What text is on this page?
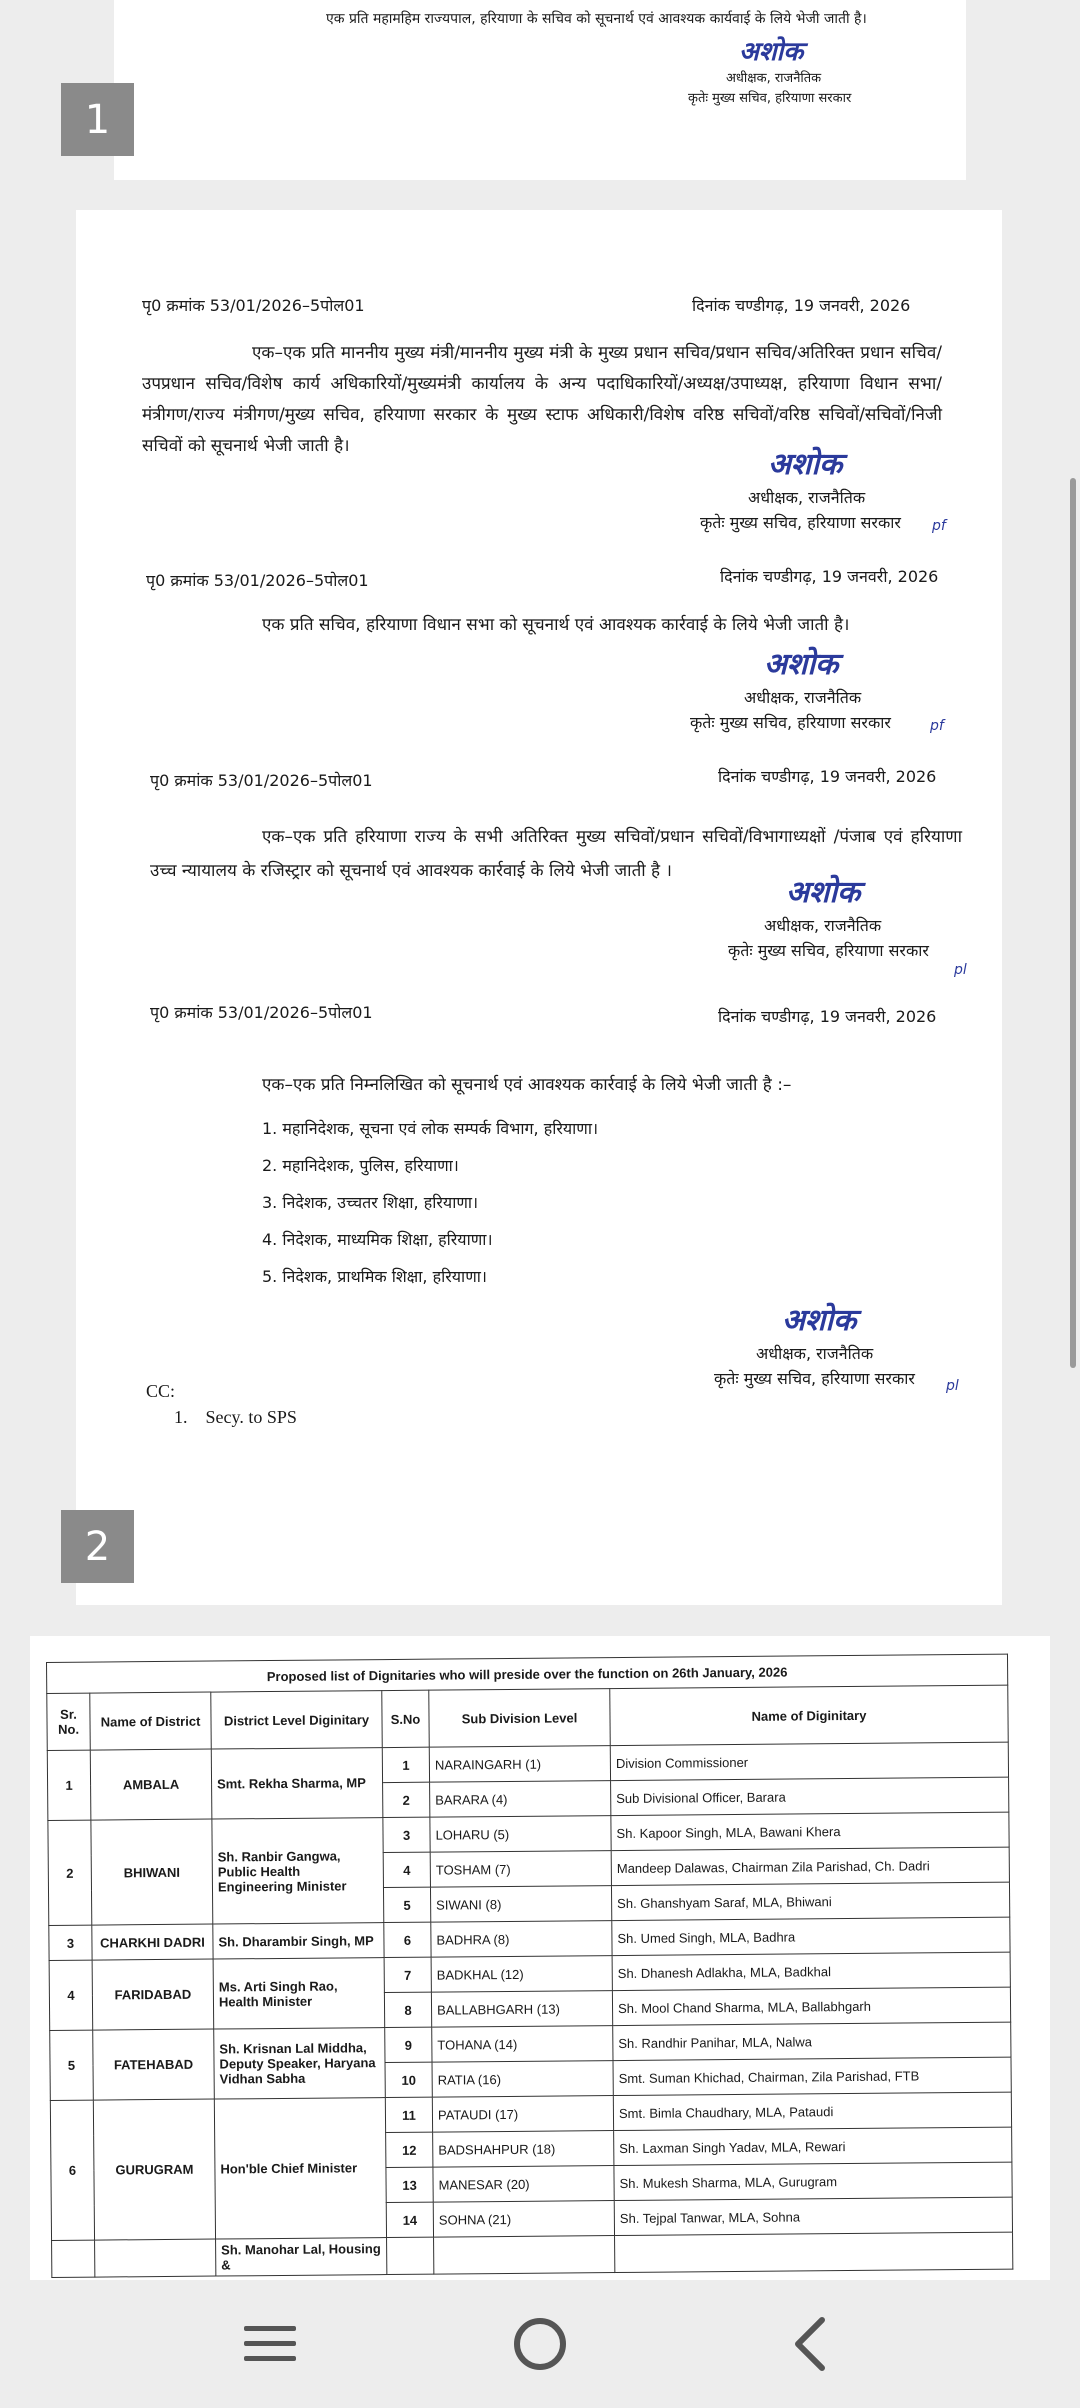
एक प्रति महामहिम राज्यपाल, हरियाणा के सचिव को सूचनार्थ एवं आवश्यक कार्यवाई के लिये भेजी जाती है।
अशोक
अधीक्षक, राजनैतिक
कृतेः मुख्य सचिव, हरियाणा सरकार
1
पृ0 क्रमांक 53/01/2026–5पोल01	दिनांक चण्डीगढ़, 19 जनवरी, 2026
एक–एक प्रति माननीय मुख्य मंत्री/माननीय मुख्य मंत्री के मुख्य प्रधान सचिव/प्रधान सचिव/अतिरिक्त प्रधान सचिव/उपप्रधान सचिव/विशेष कार्य अधिकारियों/मुख्यमंत्री कार्यालय के अन्य पदाधिकारियों/अध्यक्ष/उपाध्यक्ष, हरियाणा विधान सभा/मंत्रीगण/राज्य मंत्रीगण/मुख्य सचिव, हरियाणा सरकार के मुख्य स्टाफ अधिकारी/विशेष वरिष्ठ सचिवों/वरिष्ठ सचिवों/सचिवों/निजी सचिवों को सूचनार्थ भेजी जाती है।
अशोक
अधीक्षक, राजनैतिक
कृतेः मुख्य सचिव, हरियाणा सरकार pf
पृ0 क्रमांक 53/01/2026–5पोल01	दिनांक चण्डीगढ़, 19 जनवरी, 2026
एक प्रति सचिव, हरियाणा विधान सभा को सूचनार्थ एवं आवश्यक कार्रवाई के लिये भेजी जाती है।
अशोक
अधीक्षक, राजनैतिक
कृतेः मुख्य सचिव, हरियाणा सरकार	pf
पृ0 क्रमांक 53/01/2026–5पोल01	दिनांक चण्डीगढ़, 19 जनवरी, 2026
एक–एक प्रति हरियाणा राज्य के सभी अतिरिक्त मुख्य सचिवों/प्रधान सचिवों/विभागाध्यक्षों /पंजाब एवं हरियाणा उच्च न्यायालय के रजिस्ट्रार को सूचनार्थ एवं आवश्यक कार्रवाई के लिये भेजी जाती है ।
अशोक
अधीक्षक, राजनैतिक
कृतेः मुख्य सचिव, हरियाणा सरकार
pl
पृ0 क्रमांक 53/01/2026–5पोल01	दिनांक चण्डीगढ़, 19 जनवरी, 2026
एक–एक प्रति निम्नलिखित को सूचनार्थ एवं आवश्यक कार्रवाई के लिये भेजी जाती है :–
1. महानिदेशक, सूचना एवं लोक सम्पर्क विभाग, हरियाणा।
2. महानिदेशक, पुलिस, हरियाणा।
3. निदेशक, उच्चतर शिक्षा, हरियाणा।
4. निदेशक, माध्यमिक शिक्षा, हरियाणा।
5. निदेशक, प्राथमिक शिक्षा, हरियाणा।
अशोक
अधीक्षक, राजनैतिक
कृतेः मुख्य सचिव, हरियाणा सरकार pl
CC:
1.    Secy. to SPS
2
Proposed list of Dignitaries who will preside over the function on 26th January, 2026					
Sr. No.	Name of District	District Level Diginitary	S.No	Sub Division Level	Name of Diginitary
1	AMBALA	Smt. Rekha Sharma, MP	1	NARAINGARH (1)	Division Commissioner
			2	BARARA (4)	Sub Divisional Officer, Barara
2	BHIWANI	Sh. Ranbir Gangwa, Public Health Engineering Minister	3	LOHARU (5)	Sh. Kapoor Singh, MLA, Bawani Khera
			4	TOSHAM (7)	Mandeep Dalawas, Chairman Zila Parishad, Ch. Dadri
			5	SIWANI (8)	Sh. Ghanshyam Saraf, MLA, Bhiwani
3	CHARKHI DADRI	Sh. Dharambir Singh, MP	6	BADHRA (8)	Sh. Umed Singh, MLA, Badhra
4	FARIDABAD	Ms. Arti Singh Rao, Health Minister	7	BADKHAL (12)	Sh. Dhanesh Adlakha, MLA, Badkhal
			8	BALLABHGARH (13)	Sh. Mool Chand Sharma, MLA, Ballabhgarh
5	FATEHABAD	Sh. Krisnan Lal Middha, Deputy Speaker, Haryana Vidhan Sabha	9	TOHANA (14)	Sh. Randhir Panihar, MLA, Nalwa
			10	RATIA (16)	Smt. Suman Khichad, Chairman, Zila Parishad, FTB
6	GURUGRAM	Hon'ble Chief Minister	11	PATAUDI (17)	Smt. Bimla Chaudhary, MLA, Pataudi
			12	BADSHAHPUR (18)	Sh. Laxman Singh Yadav, MLA, Rewari
			13	MANESAR (20)	Sh. Mukesh Sharma, MLA, Gurugram
			14	SOHNA (21)	Sh. Tejpal Tanwar, MLA, Sohna
		Sh. Manohar Lal, Housing &			
